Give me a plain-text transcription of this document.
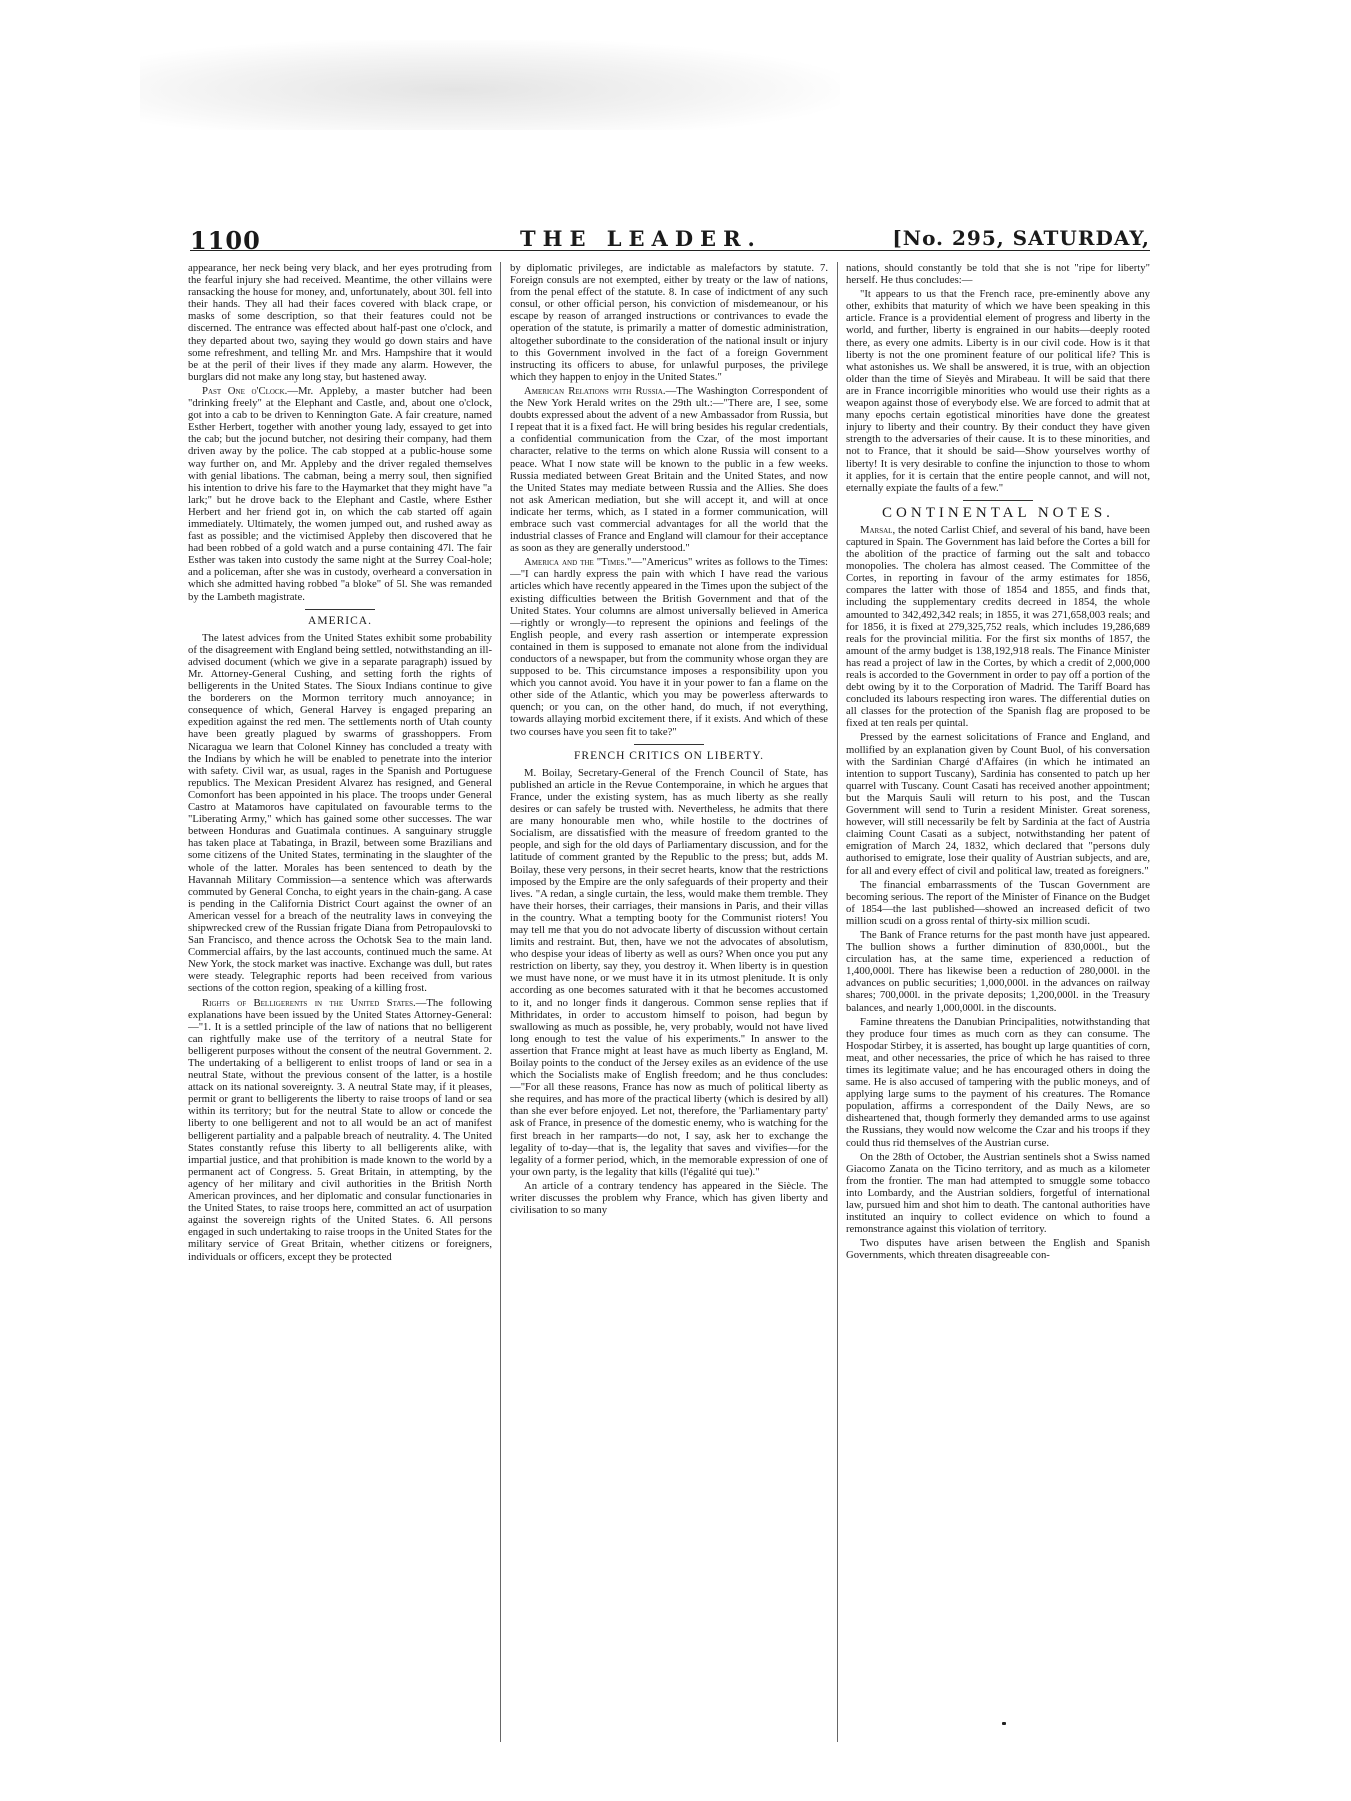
1100	THE LEADER.	[No. 295, SATURDAY,

appearance, her neck being very black, and her eyes protruding from the fearful injury she had received. Meantime, the other villains were ransacking the house for money, and, unfortunately, about 30l. fell into their hands. They all had their faces covered with black crape, or masks of some description, so that their features could not be discerned. The entrance was effected about half-past one o'clock, and they departed about two, saying they would go down stairs and have some refreshment, and telling Mr. and Mrs. Hampshire that it would be at the peril of their lives if they made any alarm. However, the burglars did not make any long stay, but hastened away.

Past One o'Clock.—Mr. Appleby, a master butcher had been "drinking freely" at the Elephant and Castle, and, about one o'clock, got into a cab to be driven to Kennington Gate. A fair creature, named Esther Herbert, together with another young lady, essayed to get into the cab; but the jocund butcher, not desiring their company, had them driven away by the police. The cab stopped at a public-house some way further on, and Mr. Appleby and the driver regaled themselves with genial libations. The cabman, being a merry soul, then signified his intention to drive his fare to the Haymarket that they might have "a lark;" but he drove back to the Elephant and Castle, where Esther Herbert and her friend got in, on which the cab started off again immediately. Ultimately, the women jumped out, and rushed away as fast as possible; and the victimised Appleby then discovered that he had been robbed of a gold watch and a purse containing 47l. The fair Esther was taken into custody the same night at the Surrey Coal-hole; and a policeman, after she was in custody, overheard a conversation in which she admitted having robbed "a bloke" of 5l. She was remanded by the Lambeth magistrate.

AMERICA.

The latest advices from the United States exhibit some probability of the disagreement with England being settled, notwithstanding an ill-advised document (which we give in a separate paragraph) issued by Mr. Attorney-General Cushing, and setting forth the rights of belligerents in the United States. The Sioux Indians continue to give the borderers on the Mormon territory much annoyance; in consequence of which, General Harvey is engaged preparing an expedition against the red men. The settlements north of Utah county have been greatly plagued by swarms of grasshoppers. From Nicaragua we learn that Colonel Kinney has concluded a treaty with the Indians by which he will be enabled to penetrate into the interior with safety. Civil war, as usual, rages in the Spanish and Portuguese republics. The Mexican President Alvarez has resigned, and General Comonfort has been appointed in his place. The troops under General Castro at Matamoros have capitulated on favourable terms to the "Liberating Army," which has gained some other successes. The war between Honduras and Guatimala continues. A sanguinary struggle has taken place at Tabatinga, in Brazil, between some Brazilians and some citizens of the United States, terminating in the slaughter of the whole of the latter. Morales has been sentenced to death by the Havannah Military Commission—a sentence which was afterwards commuted by General Concha, to eight years in the chain-gang. A case is pending in the California District Court against the owner of an American vessel for a breach of the neutrality laws in conveying the shipwrecked crew of the Russian frigate Diana from Petropaulovski to San Francisco, and thence across the Ochotsk Sea to the main land. Commercial affairs, by the last accounts, continued much the same. At New York, the stock market was inactive. Exchange was dull, but rates were steady. Telegraphic reports had been received from various sections of the cotton region, speaking of a killing frost.

Rights of Belligerents in the United States.—The following explanations have been issued by the United States Attorney-General:—"1. It is a settled principle of the law of nations that no belligerent can rightfully make use of the territory of a neutral State for belligerent purposes without the consent of the neutral Government. 2. The undertaking of a belligerent to enlist troops of land or sea in a neutral State, without the previous consent of the latter, is a hostile attack on its national sovereignty. 3. A neutral State may, if it pleases, permit or grant to belligerents the liberty to raise troops of land or sea within its territory; but for the neutral State to allow or concede the liberty to one belligerent and not to all would be an act of manifest belligerent partiality and a palpable breach of neutrality. 4. The United States constantly refuse this liberty to all belligerents alike, with impartial justice, and that prohibition is made known to the world by a permanent act of Congress. 5. Great Britain, in attempting, by the agency of her military and civil authorities in the British North American provinces, and her diplomatic and consular functionaries in the United States, to raise troops here, committed an act of usurpation against the sovereign rights of the United States. 6. All persons engaged in such undertaking to raise troops in the United States for the military service of Great Britain, whether citizens or foreigners, individuals or officers, except they be protected

by diplomatic privileges, are indictable as malefactors by statute. 7. Foreign consuls are not exempted, either by treaty or the law of nations, from the penal effect of the statute. 8. In case of indictment of any such consul, or other official person, his conviction of misdemeanour, or his escape by reason of arranged instructions or contrivances to evade the operation of the statute, is primarily a matter of domestic administration, altogether subordinate to the consideration of the national insult or injury to this Government involved in the fact of a foreign Government instructing its officers to abuse, for unlawful purposes, the privilege which they happen to enjoy in the United States."

American Relations with Russia.—The Washington Correspondent of the New York Herald writes on the 29th ult.:—"There are, I see, some doubts expressed about the advent of a new Ambassador from Russia, but I repeat that it is a fixed fact. He will bring besides his regular credentials, a confidential communication from the Czar, of the most important character, relative to the terms on which alone Russia will consent to a peace. What I now state will be known to the public in a few weeks. Russia mediated between Great Britain and the United States, and now the United States may mediate between Russia and the Allies. She does not ask American mediation, but she will accept it, and will at once indicate her terms, which, as I stated in a former communication, will embrace such vast commercial advantages for all the world that the industrial classes of France and England will clamour for their acceptance as soon as they are generally understood."

America and the "Times."—"Americus" writes as follows to the Times:—"I can hardly express the pain with which I have read the various articles which have recently appeared in the Times upon the subject of the existing difficulties between the British Government and that of the United States. Your columns are almost universally believed in America—rightly or wrongly—to represent the opinions and feelings of the English people, and every rash assertion or intemperate expression contained in them is supposed to emanate not alone from the individual conductors of a newspaper, but from the community whose organ they are supposed to be. This circumstance imposes a responsibility upon you which you cannot avoid. You have it in your power to fan a flame on the other side of the Atlantic, which you may be powerless afterwards to quench; or you can, on the other hand, do much, if not everything, towards allaying morbid excitement there, if it exists. And which of these two courses have you seen fit to take?"

FRENCH CRITICS ON LIBERTY.

M. Boilay, Secretary-General of the French Council of State, has published an article in the Revue Contemporaine, in which he argues that France, under the existing system, has as much liberty as she really desires or can safely be trusted with. Nevertheless, he admits that there are many honourable men who, while hostile to the doctrines of Socialism, are dissatisfied with the measure of freedom granted to the people, and sigh for the old days of Parliamentary discussion, and for the latitude of comment granted by the Republic to the press; but, adds M. Boilay, these very persons, in their secret hearts, know that the restrictions imposed by the Empire are the only safeguards of their property and their lives. "A redan, a single curtain, the less, would make them tremble. They have their horses, their carriages, their mansions in Paris, and their villas in the country. What a tempting booty for the Communist rioters! You may tell me that you do not advocate liberty of discussion without certain limits and restraint. But, then, have we not the advocates of absolutism, who despise your ideas of liberty as well as ours? When once you put any restriction on liberty, say they, you destroy it. When liberty is in question we must have none, or we must have it in its utmost plenitude. It is only according as one becomes saturated with it that he becomes accustomed to it, and no longer finds it dangerous. Common sense replies that if Mithridates, in order to accustom himself to poison, had begun by swallowing as much as possible, he, very probably, would not have lived long enough to test the value of his experiments." In answer to the assertion that France might at least have as much liberty as England, M. Boilay points to the conduct of the Jersey exiles as an evidence of the use which the Socialists make of English freedom; and he thus concludes:—"For all these reasons, France has now as much of political liberty as she requires, and has more of the practical liberty (which is desired by all) than she ever before enjoyed. Let not, therefore, the 'Parliamentary party' ask of France, in presence of the domestic enemy, who is watching for the first breach in her ramparts—do not, I say, ask her to exchange the legality of to-day—that is, the legality that saves and vivifies—for the legality of a former period, which, in the memorable expression of one of your own party, is the legality that kills (l'égalité qui tue)."

An article of a contrary tendency has appeared in the Siècle. The writer discusses the problem why France, which has given liberty and civilisation to so many

nations, should constantly be told that she is not "ripe for liberty" herself. He thus concludes:—

"It appears to us that the French race, pre-eminently above any other, exhibits that maturity of which we have been speaking in this article. France is a providential element of progress and liberty in the world, and further, liberty is engrained in our habits—deeply rooted there, as every one admits. Liberty is in our civil code. How is it that liberty is not the one prominent feature of our political life? This is what astonishes us. We shall be answered, it is true, with an objection older than the time of Sieyès and Mirabeau. It will be said that there are in France incorrigible minorities who would use their rights as a weapon against those of everybody else. We are forced to admit that at many epochs certain egotistical minorities have done the greatest injury to liberty and their country. By their conduct they have given strength to the adversaries of their cause. It is to these minorities, and not to France, that it should be said—Show yourselves worthy of liberty! It is very desirable to confine the injunction to those to whom it applies, for it is certain that the entire people cannot, and will not, eternally expiate the faults of a few."

CONTINENTAL NOTES.

Marsal, the noted Carlist Chief, and several of his band, have been captured in Spain. The Government has laid before the Cortes a bill for the abolition of the practice of farming out the salt and tobacco monopolies. The cholera has almost ceased. The Committee of the Cortes, in reporting in favour of the army estimates for 1856, compares the latter with those of 1854 and 1855, and finds that, including the supplementary credits decreed in 1854, the whole amounted to 342,492,342 reals; in 1855, it was 271,658,003 reals; and for 1856, it is fixed at 279,325,752 reals, which includes 19,286,689 reals for the provincial militia. For the first six months of 1857, the amount of the army budget is 138,192,918 reals. The Finance Minister has read a project of law in the Cortes, by which a credit of 2,000,000 reals is accorded to the Government in order to pay off a portion of the debt owing by it to the Corporation of Madrid. The Tariff Board has concluded its labours respecting iron wares. The differential duties on all classes for the protection of the Spanish flag are proposed to be fixed at ten reals per quintal.

Pressed by the earnest solicitations of France and England, and mollified by an explanation given by Count Buol, of his conversation with the Sardinian Chargé d'Affaires (in which he intimated an intention to support Tuscany), Sardinia has consented to patch up her quarrel with Tuscany. Count Casati has received another appointment; but the Marquis Sauli will return to his post, and the Tuscan Government will send to Turin a resident Minister. Great soreness, however, will still necessarily be felt by Sardinia at the fact of Austria claiming Count Casati as a subject, notwithstanding her patent of emigration of March 24, 1832, which declared that "persons duly authorised to emigrate, lose their quality of Austrian subjects, and are, for all and every effect of civil and political law, treated as foreigners."

The financial embarrassments of the Tuscan Government are becoming serious. The report of the Minister of Finance on the Budget of 1854—the last published—showed an increased deficit of two million scudi on a gross rental of thirty-six million scudi.

The Bank of France returns for the past month have just appeared. The bullion shows a further diminution of 830,000l., but the circulation has, at the same time, experienced a reduction of 1,400,000l. There has likewise been a reduction of 280,000l. in the advances on public securities; 1,000,000l. in the advances on railway shares; 700,000l. in the private deposits; 1,200,000l. in the Treasury balances, and nearly 1,000,000l. in the discounts.

Famine threatens the Danubian Principalities, notwithstanding that they produce four times as much corn as they can consume. The Hospodar Stirbey, it is asserted, has bought up large quantities of corn, meat, and other necessaries, the price of which he has raised to three times its legitimate value; and he has encouraged others in doing the same. He is also accused of tampering with the public moneys, and of applying large sums to the payment of his creatures. The Romance population, affirms a correspondent of the Daily News, are so disheartened that, though formerly they demanded arms to use against the Russians, they would now welcome the Czar and his troops if they could thus rid themselves of the Austrian curse.

On the 28th of October, the Austrian sentinels shot a Swiss named Giacomo Zanata on the Ticino territory, and as much as a kilometer from the frontier. The man had attempted to smuggle some tobacco into Lombardy, and the Austrian soldiers, forgetful of international law, pursued him and shot him to death. The cantonal authorities have instituted an inquiry to collect evidence on which to found a remonstrance against this violation of territory.

Two disputes have arisen between the English and Spanish Governments, which threaten disagreeable con-
